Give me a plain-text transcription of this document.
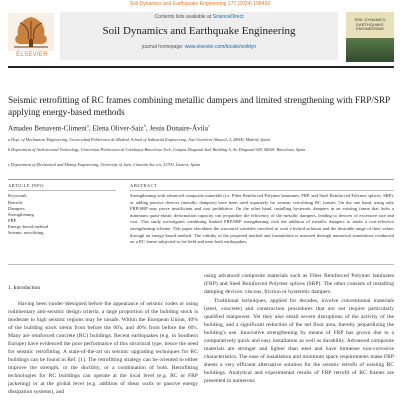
Soil Dynamics and Earthquake Engineering 177 (2024) 108432
ELSEVIER
Contents lists available at ScienceDirect
Soil Dynamics and Earthquake Engineering
journal homepage: www.elsevier.com/locate/soildyn
SOIL DYNAMICS
EARTHQUAKE
ENGINEERING
Seismic retrofitting of RC frames combining metallic dampers and limited strengthening with FRP/SRP applying energy-based methods
Amadeo Benavent-Climent$^a$, Elena Oliver-Saiz$^b$, Jesús Donaire-Ávila$^c$
a Dept. of Mechanical Engineering, Universidad Politécnica de Madrid, School of Industrial Engineering, José Gutiérrez Abascal, 2, 28006, Madrid, Spain
b Department of Architectural Technology, Universitat Politècnica de Catalunya-Barcelona Tech, Campus Diagonal Sud, Building A, Av. Diagonal 649, 08028, Barcelona, Spain
c Department of Mechanical and Mining Engineering, University of Jaén, Cinturón Sur s/n, 23700, Linares, Spain
ARTICLE INFO
Keywords:
Retrofit
Dampers
Strengthening
FRP
Energy-based method
Seismic retrofitting
ABSTRACT
Strengthening with advanced composite materials (i.e. Fiber Reinforced Polymer laminates, FRP, and Steel Reinforced Polymer splices, SRP), or adding passive devices (metallic dampers) have been used separately for seismic retrofitting RC frames. On the one hand, using only FRP/SRP may prove insufficient and cost prohibitive. On the other hand, installing hysteretic dampers in an existing frame that lacks a minimum quasi-elastic deformation capacity can jeopardize the efficiency of the metallic dampers, leading to devices of excessive size and cost. This study investigates combining limited FRP/SRP strengthening with the addition of metallic dampers to attain a cost-effective strengthening scheme. This paper elucidates the structural variables involved in such a hybrid solution and the desirable range of their values through an energy-based method. The validity of the proposed method and formulation is assessed through numerical simulations conducted on a RC frame subjected to far-field and near-fault earthquakes.
1. Introduction

Having been (under-)designed before the appearance of seismic codes or using rudimentary anti-seismic design criteria, a large proportion of the building stock is moderate to high seismic regions may be unsafe. Within the European Union, 40% of the building stock stems from before the 60's, and 40% from before the 60's. Many are reinforced concrete (RC) buildings. Recent earthquakes (e.g. in Southern Europe) have evidenced the poor performance of this structural type, hence the need for seismic retrofitting. A state-of-the-art on seismic upgrading techniques for RC buildings can be found in Ref. [1]. The retrofitting strategy can be oriented to either improve the strength, or the ductility, or a combination of both. Retrofitting technologies for RC buildings can operate at the local level (e.g. RC or FRP jacketing) or at the global level (e.g. addition of shear walls or passive energy dissipation systems), and

using advanced composite materials such as Fiber Reinforced Polymer laminates (FRP) and Steel Reinforced Polymer splices (SRP). The other consists of installing damping devices: viscous, friction or hysteretic dampers.

Traditional techniques, applied for decades, involve conventional materials (steel, concrete) and construction procedures that are not require particularly qualified manpower. Yet they also entail severe disruptions of the activity of the building, and a significant reduction of the net floor area, thereby jeopardizing the building's use. Innovative strengthening by means of FRP has grown due to a comparatively quick and easy installation as well as durability. Advanced composite materials are stronger and lighter than steel and have immense non-corrosive characteristics. The ease of installation and minimum space requirements make FRP sheets a very efficient alternative solution for the seismic retrofit of existing RC buildings. Analytical and experimental results of FRP retrofit of RC frames are presented in numerous
